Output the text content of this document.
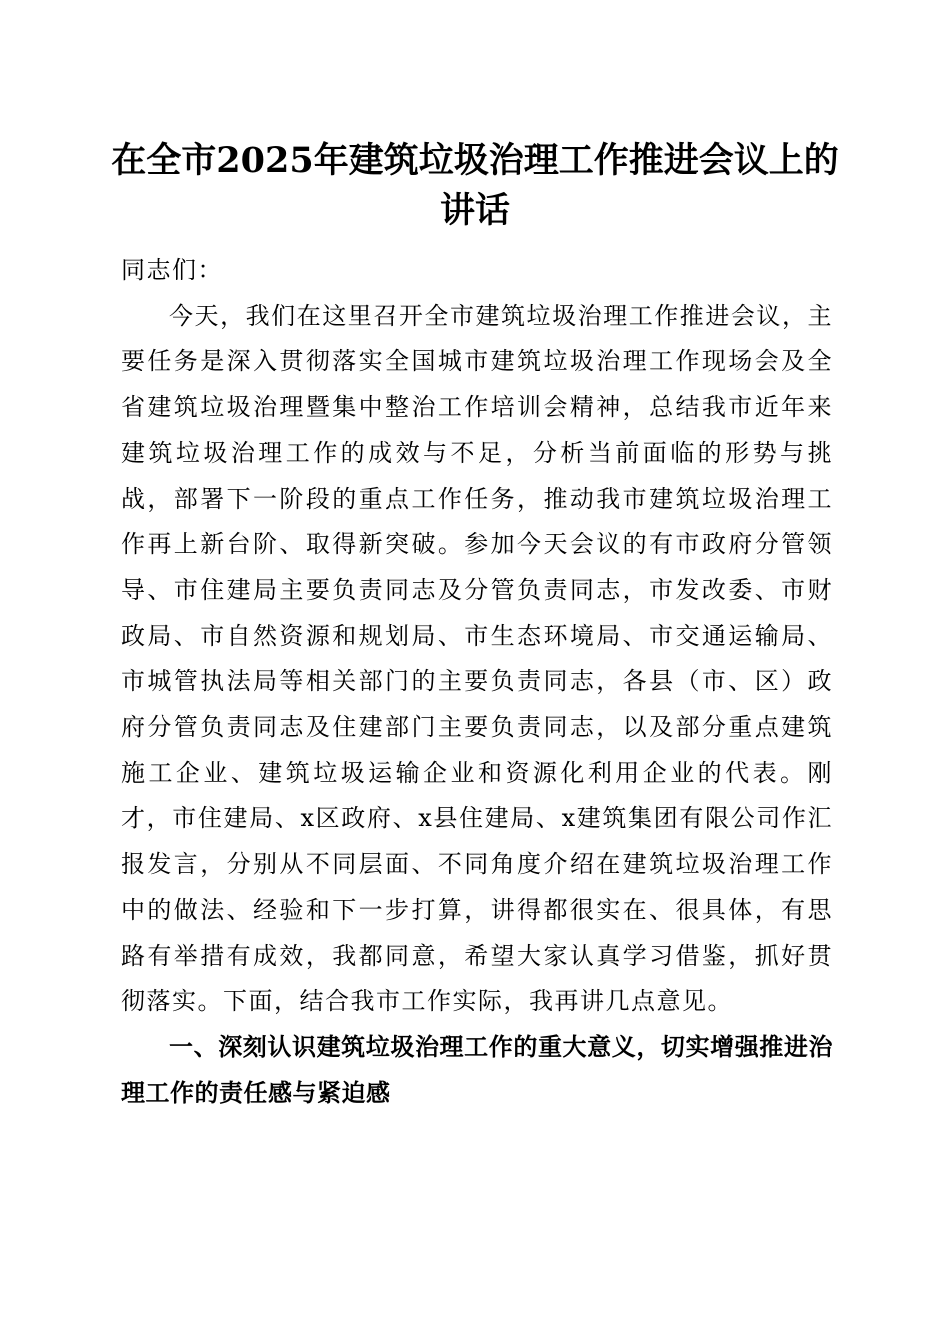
在全市2025年建筑垃圾治理工作推进会议上的讲话

同志们：

今天，我们在这里召开全市建筑垃圾治理工作推进会议，主要任务是深入贯彻落实全国城市建筑垃圾治理工作现场会及全省建筑垃圾治理暨集中整治工作培训会精神，总结我市近年来建筑垃圾治理工作的成效与不足，分析当前面临的形势与挑战，部署下一阶段的重点工作任务，推动我市建筑垃圾治理工作再上新台阶、取得新突破。参加今天会议的有市政府分管领导、市住建局主要负责同志及分管负责同志，市发改委、市财政局、市自然资源和规划局、市生态环境局、市交通运输局、市城管执法局等相关部门的主要负责同志，各县（市、区）政府分管负责同志及住建部门主要负责同志，以及部分重点建筑施工企业、建筑垃圾运输企业和资源化利用企业的代表。刚才，市住建局、x区政府、x县住建局、x建筑集团有限公司作汇报发言，分别从不同层面、不同角度介绍在建筑垃圾治理工作中的做法、经验和下一步打算，讲得都很实在、很具体，有思路有举措有成效，我都同意，希望大家认真学习借鉴，抓好贯彻落实。下面，结合我市工作实际，我再讲几点意见。

一、深刻认识建筑垃圾治理工作的重大意义，切实增强推进治理工作的责任感与紧迫感
